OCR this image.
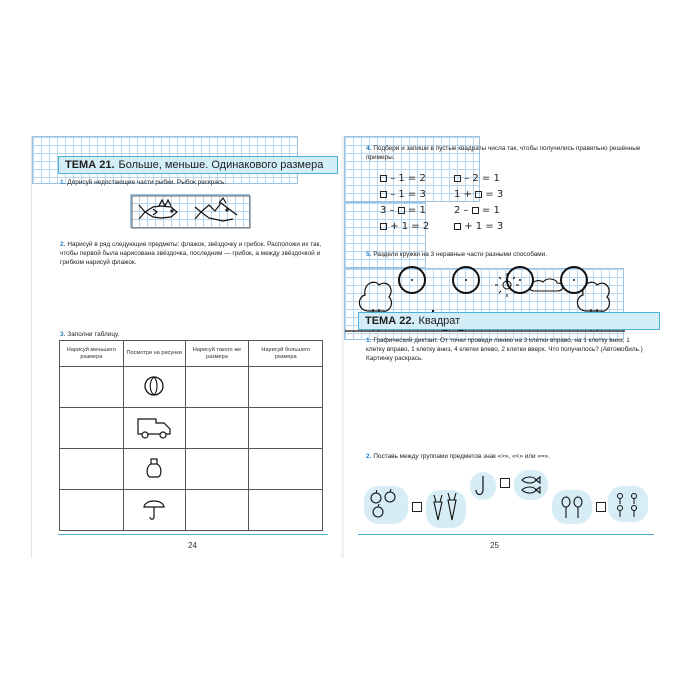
ТЕМА 21. Больше, меньше. Одинакового размера
1. Дорисуй недостающие части рыбки. Рыбок раскрась.
2. Нарисуй в ряд следующие предметы: флажок, звёздочку и грибок. Расположи их так, чтобы первой была нарисована звёздочка, последним — грибок, а между звёздочкой и грибком нарисуй флажок.
3. Заполни таблицу.
Нарисуй меньшего размера	Посмотри на рисунки	Нарисуй такого же размера	Нарисуй большего размера

24
4. Подбери и запиши в пустые квадраты числа так, чтобы получились правильно решённые примеры.
– 1 = 2	– 2 = 1
– 1 = 3	1 +  = 3
3 –  = 1	2 –  = 1
+ 1 = 2	+ 1 = 3
5. Раздели кружки на 3 неравные части разными способами.
ТЕМА 22. Квадрат
1. Графический диктант. От точки проведи линию на 3 клетки вправо, на 1 клетку вниз, 1 клетку вправо, 1 клетку вниз, 4 клетки влево, 2 клетки вверх. Что получилось? (Автомобиль.) Картинку раскрась.
2. Поставь между группами предметов знак «>», «<» или «=».
25
